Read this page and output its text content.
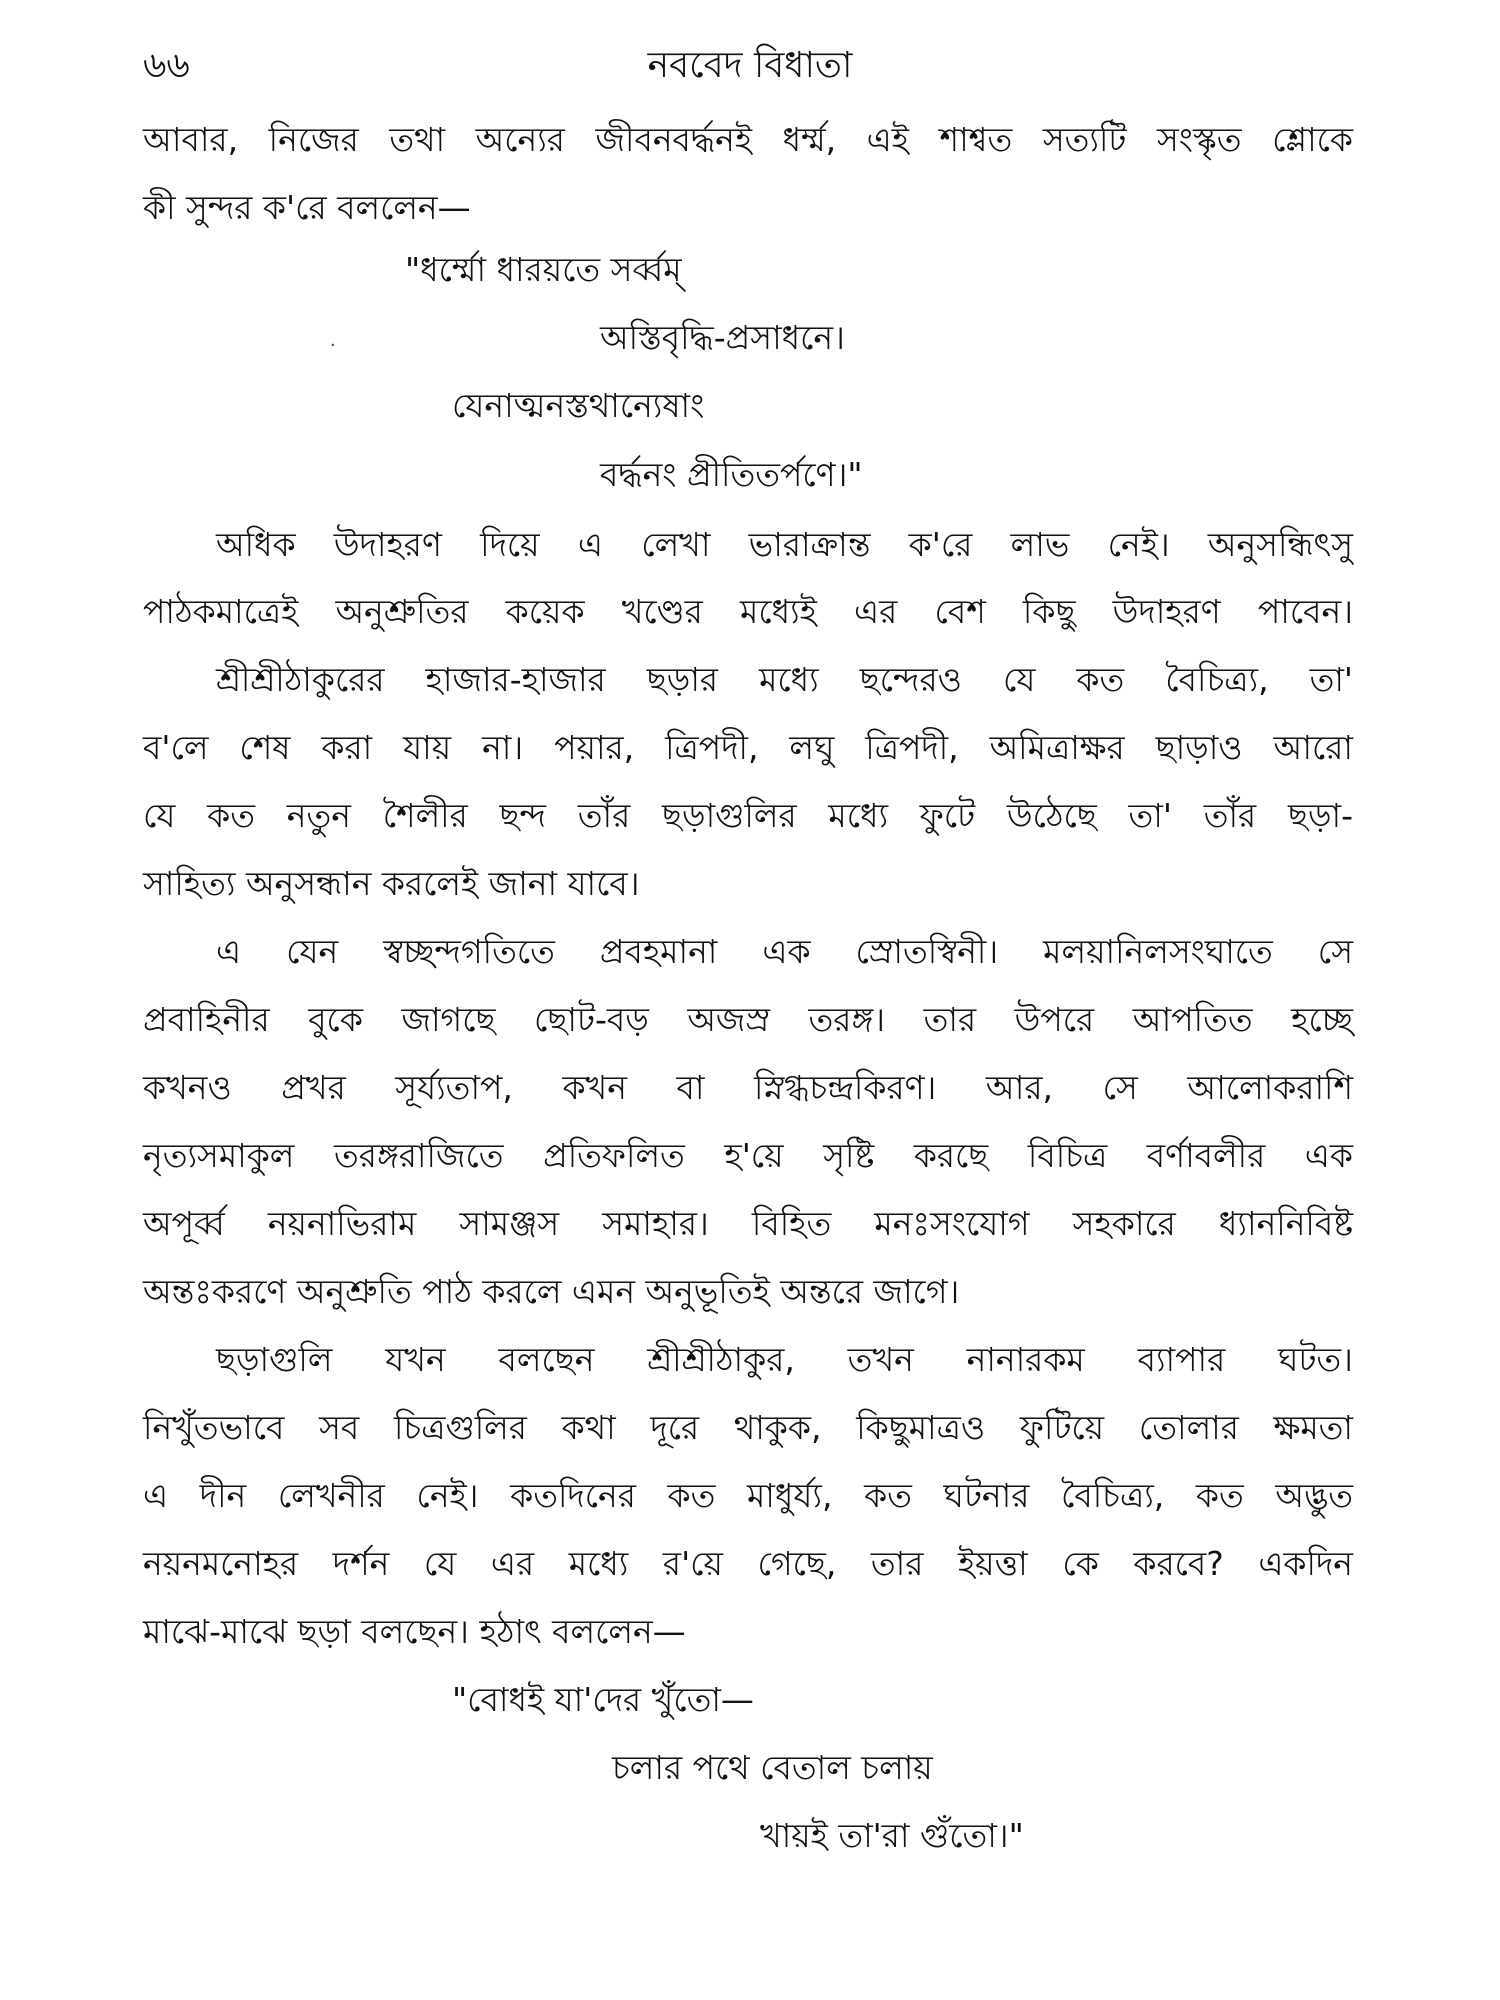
৬৬	নববেদ বিধাতা
আবার, নিজের তথা অন্যের জীবনবর্দ্ধনই ধর্ম্ম, এই শাশ্বত সত্যটি সংস্কৃত শ্লোকে
কী সুন্দর ক'রে বললেন—
"ধর্ম্মো ধারয়তে সর্ব্বম্
অস্তিবৃদ্ধি-প্রসাধনে।
যেনাত্মনস্তথান্যেষাং
বর্দ্ধনং প্রীতিতর্পণে।"
.
অধিক উদাহরণ দিয়ে এ লেখা ভারাক্রান্ত ক'রে লাভ নেই। অনুসন্ধিৎসু
পাঠকমাত্রেই অনুশ্রুতির কয়েক খণ্ডের মধ্যেই এর বেশ কিছু উদাহরণ পাবেন।
শ্রীশ্রীঠাকুরের হাজার-হাজার ছড়ার মধ্যে ছন্দেরও যে কত বৈচিত্র্য, তা'
ব'লে শেষ করা যায় না। পয়ার, ত্রিপদী, লঘু ত্রিপদী, অমিত্রাক্ষর ছাড়াও আরো
যে কত নতুন শৈলীর ছন্দ তাঁর ছড়াগুলির মধ্যে ফুটে উঠেছে তা' তাঁর ছড়া-
সাহিত্য অনুসন্ধান করলেই জানা যাবে।
এ যেন স্বচ্ছন্দগতিতে প্রবহমানা এক স্রোতস্বিনী। মলয়ানিলসংঘাতে সে
প্রবাহিনীর বুকে জাগছে ছোট-বড় অজস্র তরঙ্গ। তার উপরে আপতিত হচ্ছে
কখনও প্রখর সূর্য্যতাপ, কখন বা স্নিগ্ধচন্দ্রকিরণ। আর, সে আলোকরাশি
নৃত্যসমাকুল তরঙ্গরাজিতে প্রতিফলিত হ'য়ে সৃষ্টি করছে বিচিত্র বর্ণাবলীর এক
অপূর্ব্ব নয়নাভিরাম সামঞ্জস সমাহার। বিহিত মনঃসংযোগ সহকারে ধ্যাননিবিষ্ট
অন্তঃকরণে অনুশ্রুতি পাঠ করলে এমন অনুভূতিই অন্তরে জাগে।
ছড়াগুলি যখন বলছেন শ্রীশ্রীঠাকুর, তখন নানারকম ব্যাপার ঘটত।
নিখুঁতভাবে সব চিত্রগুলির কথা দূরে থাকুক, কিছুমাত্রও ফুটিয়ে তোলার ক্ষমতা
এ দীন লেখনীর নেই। কতদিনের কত মাধুর্য্য, কত ঘটনার বৈচিত্র্য, কত অদ্ভুত
নয়নমনোহর দর্শন যে এর মধ্যে র'য়ে গেছে, তার ইয়ত্তা কে করবে? একদিন
মাঝে-মাঝে ছড়া বলছেন। হঠাৎ বললেন—
"বোধই যা'দের খুঁতো—
চলার পথে বেতাল চলায়
খায়ই তা'রা গুঁতো।"
